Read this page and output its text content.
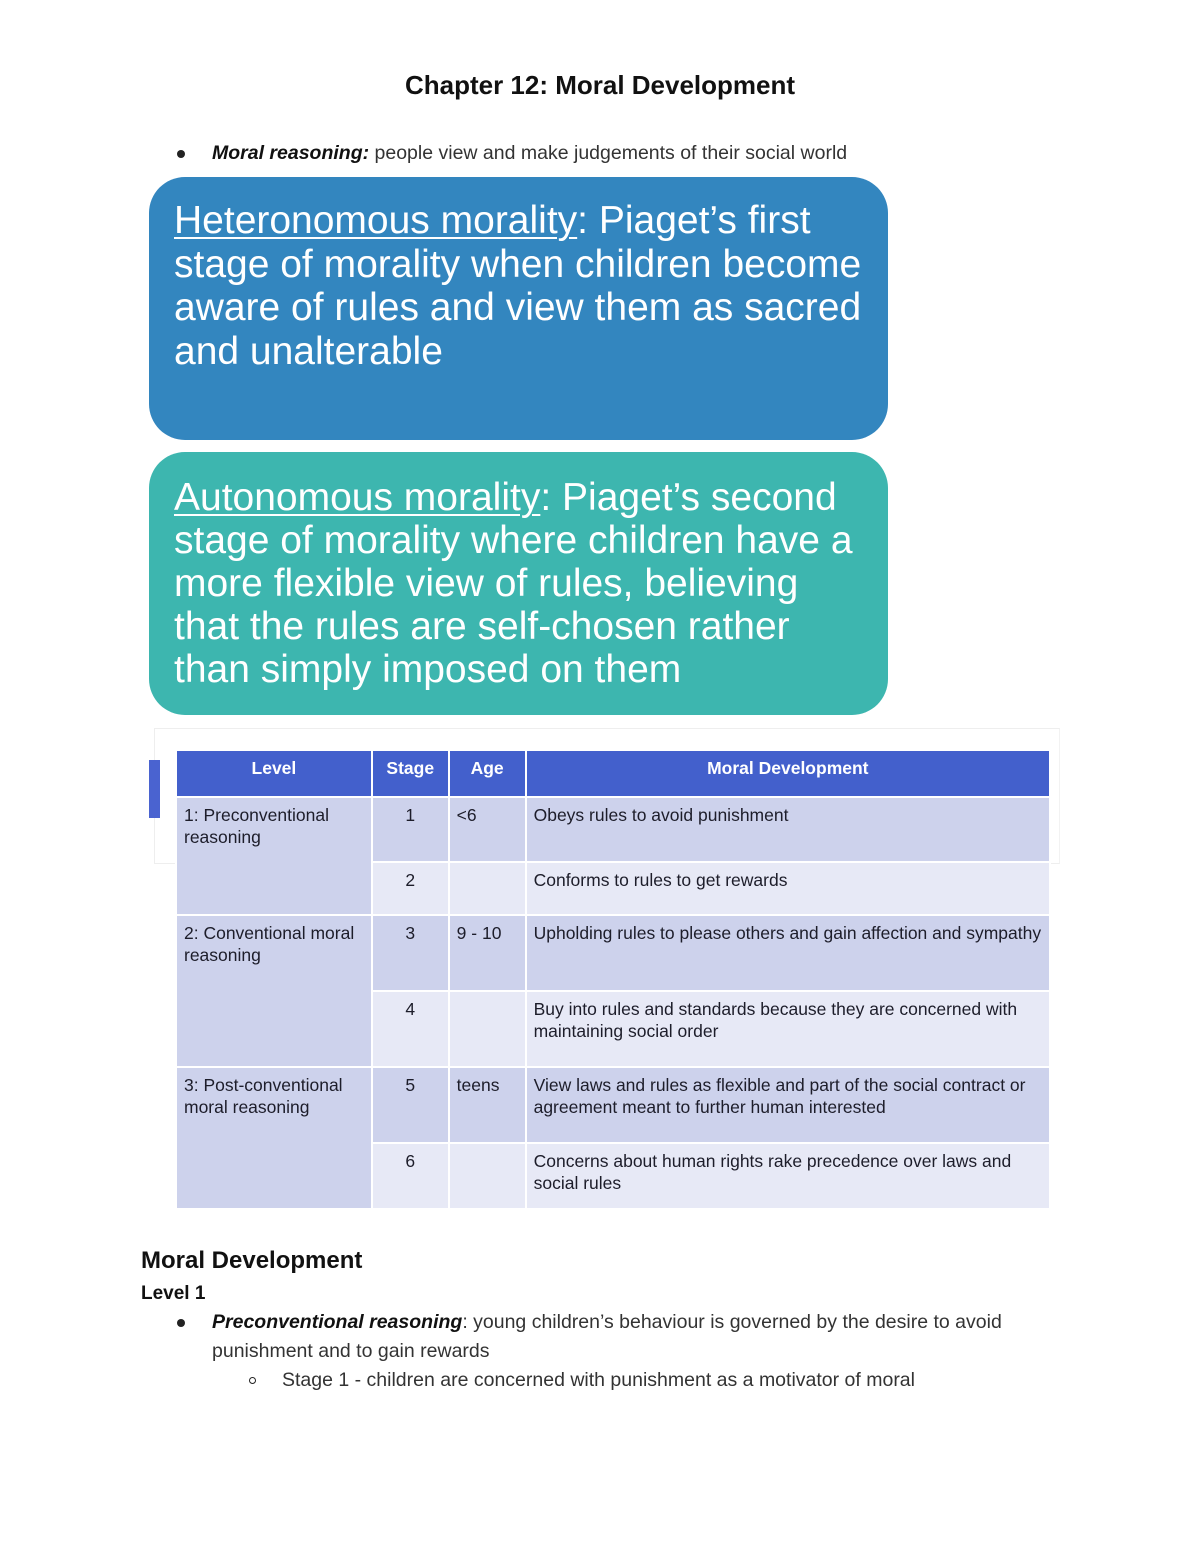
Chapter 12: Moral Development
Moral reasoning: people view and make judgements of their social world
Heteronomous morality: Piaget’s first stage of morality when children become aware of rules and view them as sacred and unalterable
Autonomous morality: Piaget’s second stage of morality where children have a more flexible view of rules, believing that the rules are self-chosen rather than simply imposed on them
Level	Stage	Age	Moral Development
1: Preconventional reasoning	1	<6	Obeys rules to avoid punishment
	2		Conforms to rules to get rewards
2: Conventional moral reasoning	3	9 - 10	Upholding rules to please others and gain affection and sympathy
	4		Buy into rules and standards because they are concerned with maintaining social order
3: Post-conventional moral reasoning	5	teens	View laws and rules as flexible and part of the social contract or agreement meant to further human interested
	6		Concerns about human rights rake precedence over laws and social rules
Moral Development
Level 1
Preconventional reasoning: young children’s behaviour is governed by the desire to avoid punishment and to gain rewards
Stage 1 - children are concerned with punishment as a motivator of moral
